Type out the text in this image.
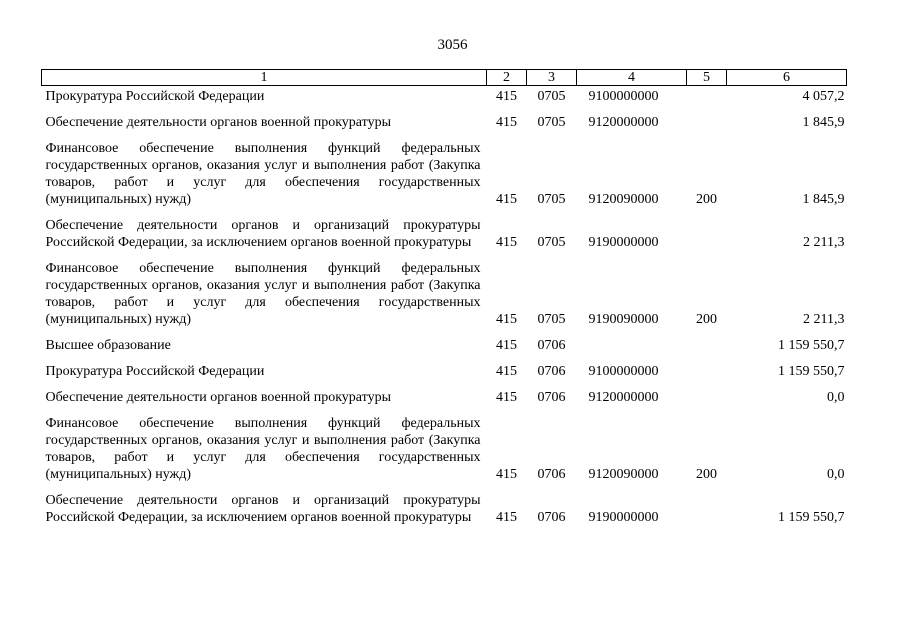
3056
1	2	3	4	5	6
Прокуратура Российской Федерации	415	0705	9100000000		4 057,2
Обеспечение деятельности органов военной прокуратуры	415	0705	9120000000		1 845,9
Финансовое обеспечение выполнения функций федеральных государственных органов, оказания услуг и выполнения работ (Закупка товаров, работ и услуг для обеспечения государственных (муниципальных) нужд)	415	0705	9120090000	200	1 845,9
Обеспечение деятельности органов и организаций прокуратуры Российской Федерации, за исключением органов военной прокуратуры	415	0705	9190000000		2 211,3
Финансовое обеспечение выполнения функций федеральных государственных органов, оказания услуг и выполнения работ (Закупка товаров, работ и услуг для обеспечения государственных (муниципальных) нужд)	415	0705	9190090000	200	2 211,3
Высшее образование	415	0706			1 159 550,7
Прокуратура Российской Федерации	415	0706	9100000000		1 159 550,7
Обеспечение деятельности органов военной прокуратуры	415	0706	9120000000		0,0
Финансовое обеспечение выполнения функций федеральных государственных органов, оказания услуг и выполнения работ (Закупка товаров, работ и услуг для обеспечения государственных (муниципальных) нужд)	415	0706	9120090000	200	0,0
Обеспечение деятельности органов и организаций прокуратуры Российской Федерации, за исключением органов военной прокуратуры	415	0706	9190000000		1 159 550,7
